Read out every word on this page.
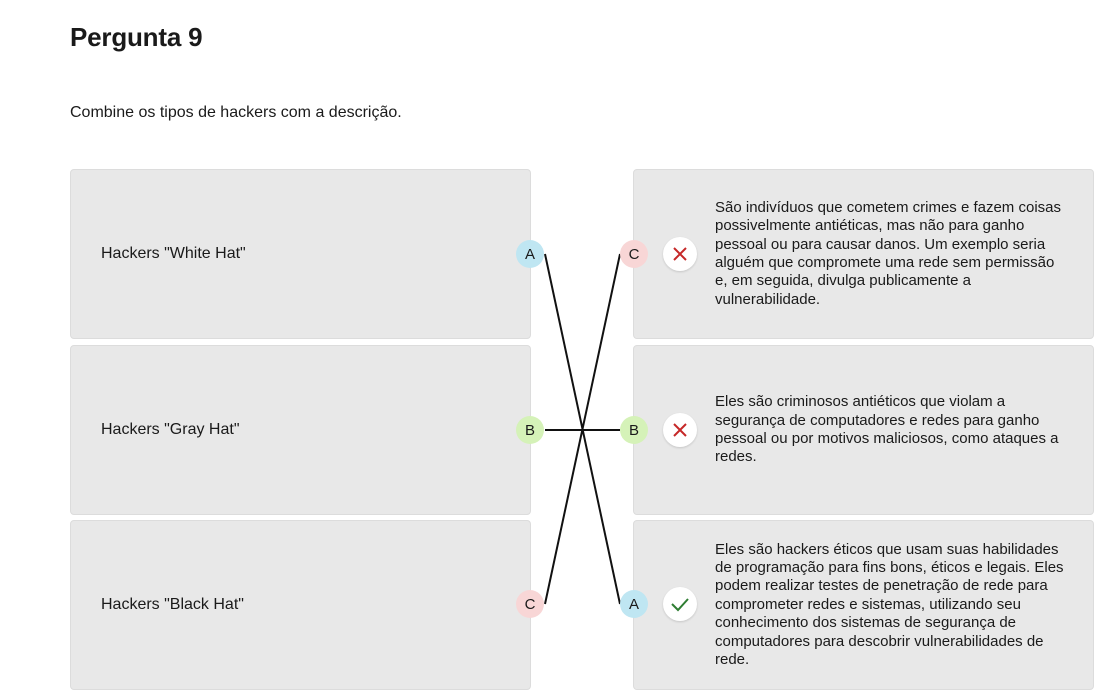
Pergunta 9

Combine os tipos de hackers com a descrição.

Hackers "White Hat"
Hackers "Gray Hat"
Hackers "Black Hat"
São indivíduos que cometem crimes e fazem coisas possivelmente antiéticas, mas não para ganho pessoal ou para causar danos. Um exemplo seria alguém que compromete uma rede sem permissão e, em seguida, divulga publicamente a vulnerabilidade.
Eles são criminosos antiéticos que violam a segurança de computadores e redes para ganho pessoal ou por motivos maliciosos, como ataques a redes.
Eles são hackers éticos que usam suas habilidades de programação para fins bons, éticos e legais. Eles podem realizar testes de penetração de rede para comprometer redes e sistemas, utilizando seu conhecimento dos sistemas de segurança de computadores para descobrir vulnerabilidades de rede.
A
B
C
C
B
A
